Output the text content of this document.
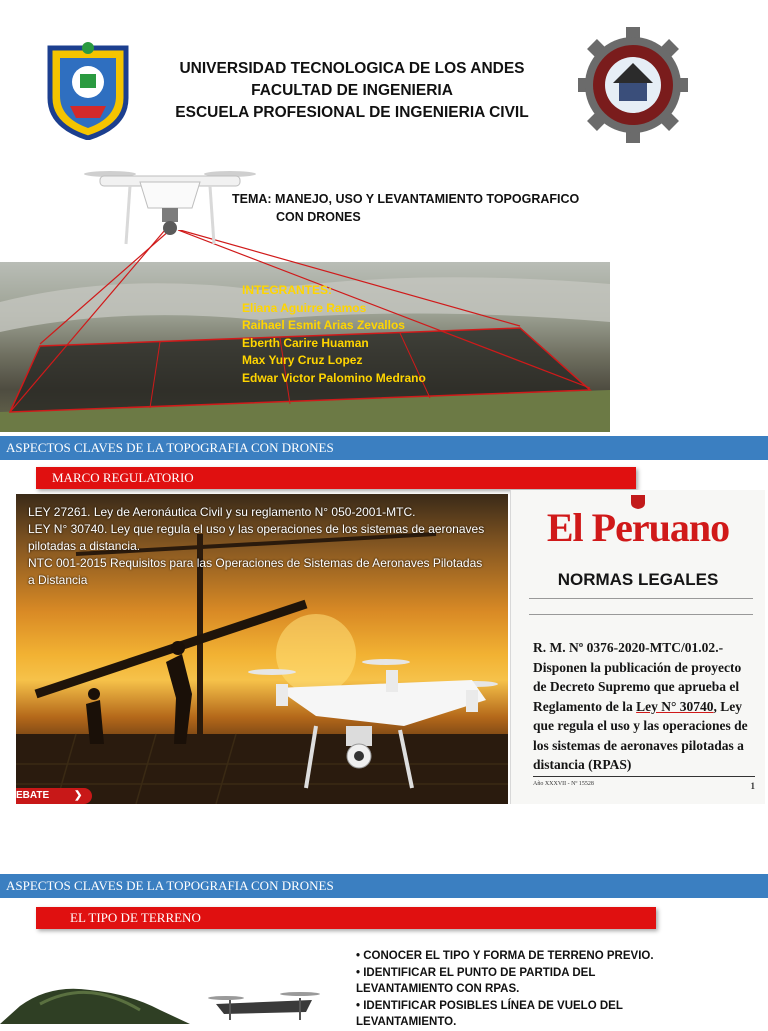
UNIVERSIDAD TECNOLOGICA DE LOS ANDES
FACULTAD DE INGENIERIA
ESCUELA PROFESIONAL DE INGENIERIA CIVIL
TEMA: MANEJO, USO Y LEVANTAMIENTO TOPOGRAFICO
CON DRONES
INTEGRANTES:
Eliana Aguirre Ramos
Raihael Esmit Arias Zevallos
Eberth Carire Huaman
Max Yury Cruz Lopez
Edwar Victor Palomino Medrano
ASPECTOS CLAVES DE LA TOPOGRAFIA CON DRONES
MARCO REGULATORIO
LEY 27261. Ley de Aeronáutica Civil y su reglamento N° 050-2001-MTC.
LEY N° 30740. Ley que regula el uso y las operaciones de los sistemas de aeronaves pilotadas a distancia.
NTC 001-2015 Requisitos para las Operaciones de Sistemas de Aeronaves Pilotadas a Distancia
EBATE ❯
El Peruano
NORMAS LEGALES
R. M. Nº 0376-2020-MTC/01.02.- Disponen la publicación de proyecto de Decreto Supremo que aprueba el Reglamento de la Ley N° 30740, Ley que regula el uso y las operaciones de los sistemas de aeronaves pilotadas a distancia (RPAS)
Año XXXVII - Nº 15528	1
ASPECTOS CLAVES DE LA TOPOGRAFIA CON DRONES
EL TIPO DE TERRENO
• CONOCER EL TIPO Y FORMA DE TERRENO PREVIO.
• IDENTIFICAR EL PUNTO DE PARTIDA DEL LEVANTAMIENTO CON RPAS.
• IDENTIFICAR POSIBLES LÍNEA DE VUELO DEL LEVANTAMIENTO.
